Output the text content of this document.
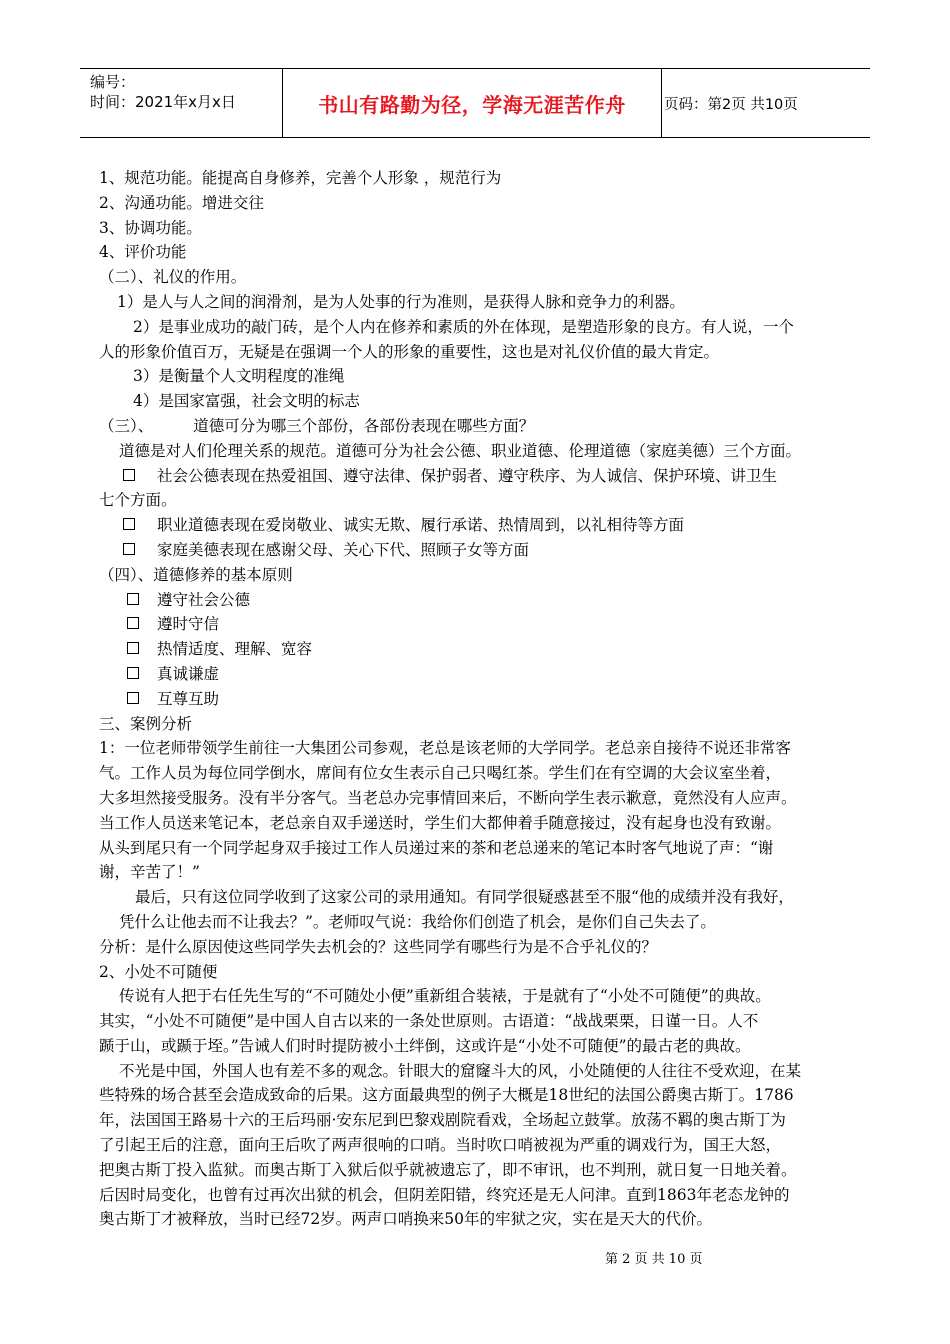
编号：
时间：2021年x月x日	书山有路勤为径，学海无涯苦作舟	页码：第2页 共10页
1、规范功能。能提高自身修养，完善个人形象 ，规范行为
2、沟通功能。增进交往
3、协调功能。
4、评价功能
（二）、礼仪的作用。
1）是人与人之间的润滑剂，是为人处事的行为准则，是获得人脉和竞争力的利器。
2）是事业成功的敲门砖，是个人内在修养和素质的外在体现，是塑造形象的良方。有人说，一个
人的形象价值百万，无疑是在强调一个人的形象的重要性，这也是对礼仪价值的最大肯定。
3）是衡量个人文明程度的准绳
4）是国家富强，社会文明的标志
（三）、	道德可分为哪三个部份，各部份表现在哪些方面？
道德是对人们伦理关系的规范。道德可分为社会公德、职业道德、伦理道德（家庭美德）三个方面。
社会公德表现在热爱祖国、遵守法律、保护弱者、遵守秩序、为人诚信、保护环境、讲卫生
七个方面。
职业道德表现在爱岗敬业、诚实无欺、履行承诺、热情周到，以礼相待等方面
家庭美德表现在感谢父母、关心下代、照顾子女等方面
（四）、道德修养的基本原则
遵守社会公德
遵时守信
热情适度、理解、宽容
真诚谦虚
互尊互助
三、案例分析
1：一位老师带领学生前往一大集团公司参观，老总是该老师的大学同学。老总亲自接待不说还非常客
气。工作人员为每位同学倒水，席间有位女生表示自己只喝红茶。学生们在有空调的大会议室坐着，
大多坦然接受服务。没有半分客气。当老总办完事情回来后，不断向学生表示歉意，竟然没有人应声。
当工作人员送来笔记本，老总亲自双手递送时，学生们大都伸着手随意接过，没有起身也没有致谢。
从头到尾只有一个同学起身双手接过工作人员递过来的茶和老总递来的笔记本时客气地说了声：“谢
谢，辛苦了！”
最后，只有这位同学收到了这家公司的录用通知。有同学很疑惑甚至不服“他的成绩并没有我好，
凭什么让他去而不让我去？”。老师叹气说：我给你们创造了机会，是你们自己失去了。
分析：是什么原因使这些同学失去机会的？这些同学有哪些行为是不合乎礼仪的？
2、小处不可随便
传说有人把于右任先生写的“不可随处小便”重新组合装裱，于是就有了“小处不可随便”的典故。
其实，“小处不可随便”是中国人自古以来的一条处世原则。古语道：“战战栗栗，日谨一日。人不
踬于山，或踬于垤。”告诫人们时时提防被小土绊倒，这或许是“小处不可随便”的最古老的典故。
不光是中国，外国人也有差不多的观念。针眼大的窟窿斗大的风，小处随便的人往往不受欢迎，在某
些特殊的场合甚至会造成致命的后果。这方面最典型的例子大概是18世纪的法国公爵奥古斯丁。1786
年，法国国王路易十六的王后玛丽·安东尼到巴黎戏剧院看戏，全场起立鼓掌。放荡不羁的奥古斯丁为
了引起王后的注意，面向王后吹了两声很响的口哨。当时吹口哨被视为严重的调戏行为，国王大怒，
把奥古斯丁投入监狱。而奥古斯丁入狱后似乎就被遗忘了，即不审讯，也不判刑，就日复一日地关着。
后因时局变化，也曾有过再次出狱的机会，但阴差阳错，终究还是无人问津。直到1863年老态龙钟的
奥古斯丁才被释放，当时已经72岁。两声口哨换来50年的牢狱之灾，实在是天大的代价。
第 2 页 共 10 页
